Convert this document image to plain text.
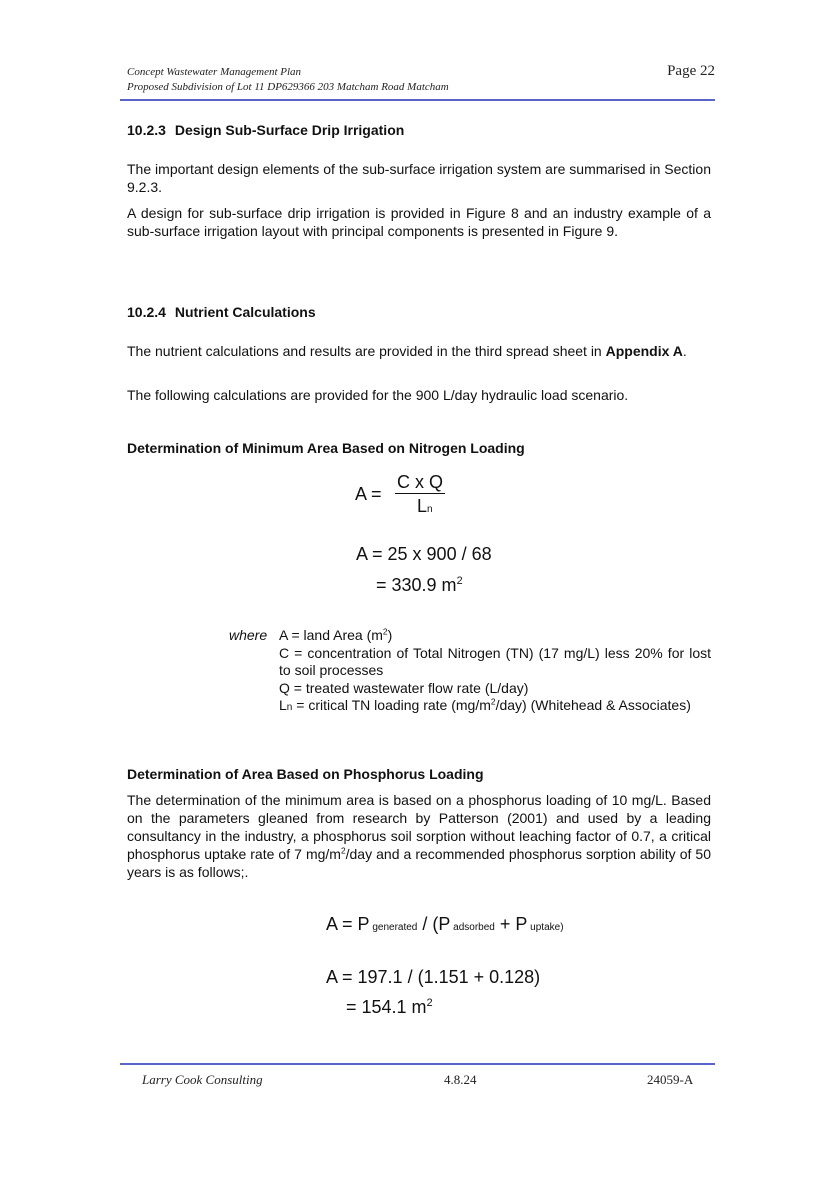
Concept Wastewater Management Plan
Proposed Subdivision of Lot 11 DP629366 203 Matcham Road Matcham
Page 22
10.2.3 Design Sub-Surface Drip Irrigation
The important design elements of the sub-surface irrigation system are summarised in Section 9.2.3.
A design for sub-surface drip irrigation is provided in Figure 8 and an industry example of a sub-surface irrigation layout with principal components is presented in Figure 9.
10.2.4 Nutrient Calculations
The nutrient calculations and results are provided in the third spread sheet in Appendix A.
The following calculations are provided for the 900 L/day hydraulic load scenario.
Determination of Minimum Area Based on Nitrogen Loading
A =
C x Q
Ln
A = 25 x 900 / 68
= 330.9 $m^2$
where A = land Area $(m^2)$
C = concentration of Total Nitrogen (TN) (17 mg/L) less 20% for lost to soil processes
Q = treated wastewater flow rate (L/day)
Ln = critical TN loading rate $(mg/m^2/day)$ (Whitehead & Associates)
Determination of Area Based on Phosphorus Loading
The determination of the minimum area is based on a phosphorus loading of 10 mg/L. Based on the parameters gleaned from research by Patterson (2001) and used by a leading consultancy in the industry, a phosphorus soil sorption without leaching factor of 0.7, a critical phosphorus uptake rate of 7 $mg/m^2$/day and a recommended phosphorus sorption ability of 50 years is as follows;.
A = P generated / (P adsorbed + P uptake)
A = 197.1 / (1.151 + 0.128)
= 154.1 $m^2$
Larry Cook Consulting	4.8.24	24059-A
